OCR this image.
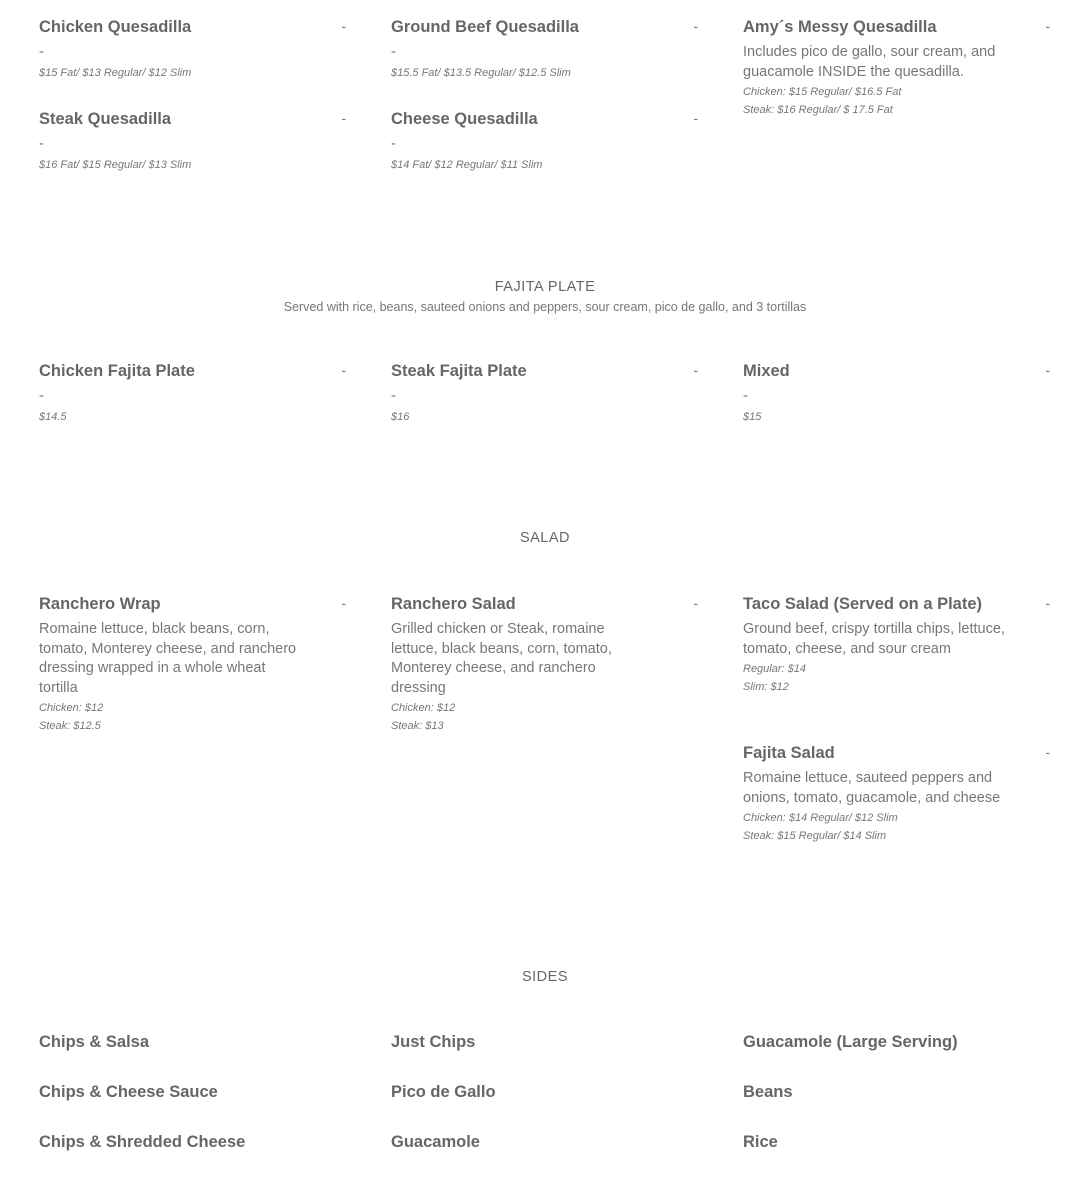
Chicken Quesadilla	-
-
$15 Fat/ $13 Regular/ $12 Slim
Ground Beef Quesadilla	-
-
$15.5 Fat/ $13.5 Regular/ $12.5 Slim
Amy´s Messy Quesadilla	-
Includes pico de gallo, sour cream, and guacamole INSIDE the quesadilla.
Chicken: $15 Regular/ $16.5 Fat
Steak: $16 Regular/ $ 17.5 Fat
Steak Quesadilla	-
-
$16 Fat/ $15 Regular/ $13 Slim
Cheese Quesadilla	-
-
$14 Fat/ $12 Regular/ $11 Slim
FAJITA PLATE
Served with rice, beans, sauteed onions and peppers, sour cream, pico de gallo, and 3 tortillas
Chicken Fajita Plate	-
-
$14.5
Steak Fajita Plate	-
-
$16
Mixed	-
-
$15
SALAD
Ranchero Wrap	-
Romaine lettuce, black beans, corn, tomato, Monterey cheese, and ranchero dressing wrapped in a whole wheat tortilla
Chicken: $12
Steak: $12.5
Ranchero Salad	-
Grilled chicken or Steak, romaine lettuce, black beans, corn, tomato, Monterey cheese, and ranchero dressing
Chicken: $12
Steak: $13
Taco Salad (Served on a Plate)	-
Ground beef, crispy tortilla chips, lettuce, tomato, cheese, and sour cream
Regular: $14
Slim: $12
Fajita Salad	-
Romaine lettuce, sauteed peppers and onions, tomato, guacamole, and cheese
Chicken: $14 Regular/ $12 Slim
Steak: $15 Regular/ $14 Slim
SIDES
Chips & Salsa	Just Chips	Guacamole (Large Serving)
Chips & Cheese Sauce	Pico de Gallo	Beans
Chips & Shredded Cheese	Guacamole	Rice
